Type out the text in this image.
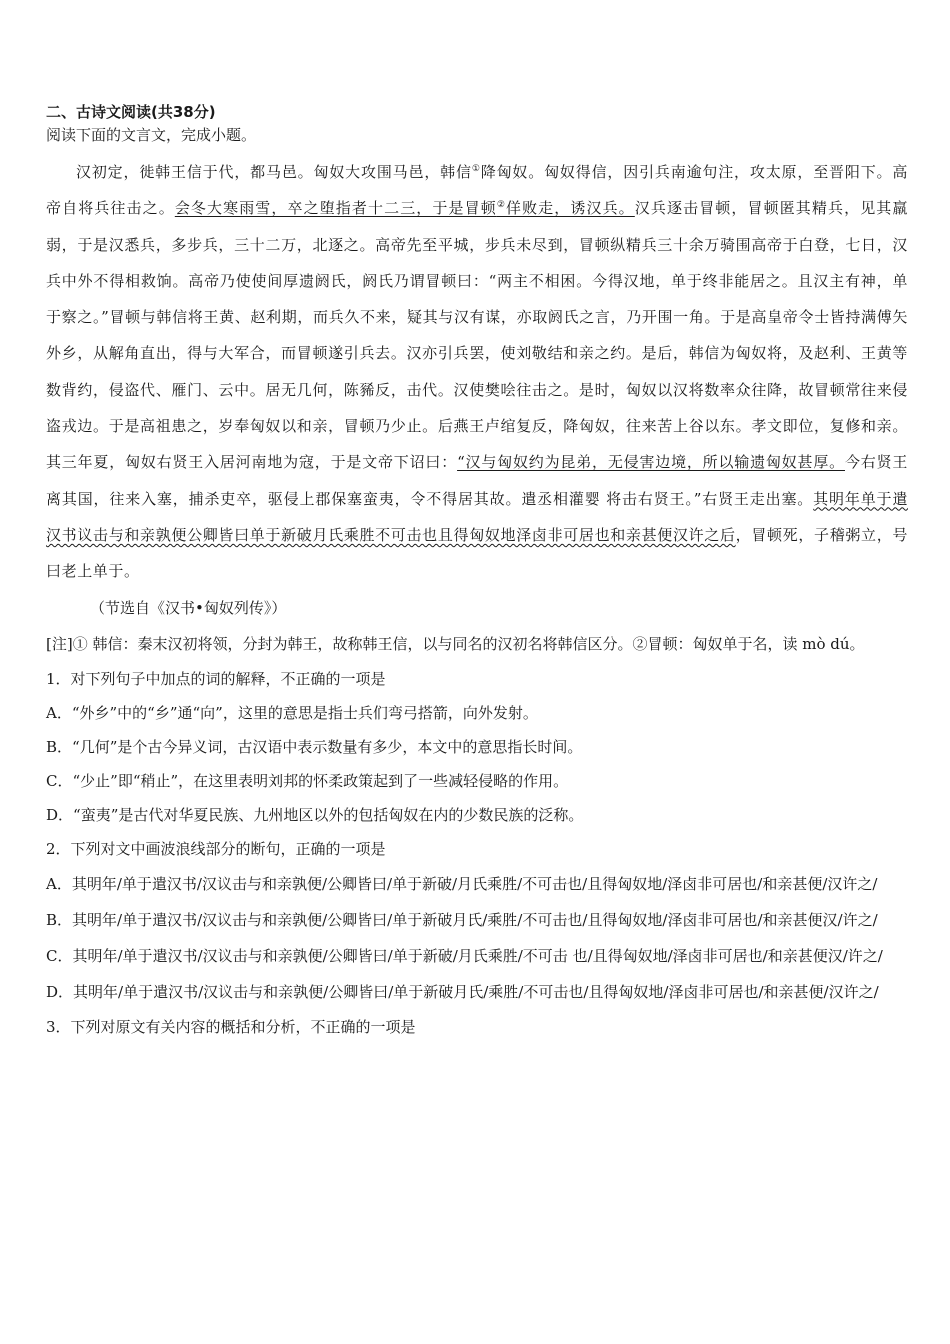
二、古诗文阅读(共38分)
阅读下面的文言文，完成小题。

汉初定，徙韩王信于代，都马邑。匈奴大攻围马邑，韩信①降匈奴。匈奴得信，因引兵南逾句注，攻太原，至晋阳下。高帝自将兵往击之。会冬大寒雨雪，卒之堕指者十二三，于是冒顿②佯败走，诱汉兵。汉兵逐击冒顿，冒顿匿其精兵，见其羸弱，于是汉悉兵，多步兵，三十二万，北逐之。高帝先至平城，步兵未尽到，冒顿纵精兵三十余万骑围高帝于白登，七日，汉兵中外不得相救饷。高帝乃使使间厚遗阏氏，阏氏乃谓冒顿曰：“两主不相困。今得汉地，单于终非能居之。且汉主有神，单于察之。”冒顿与韩信将王黄、赵利期，而兵久不来，疑其与汉有谋，亦取阏氏之言，乃开围一角。于是高皇帝令士皆持满傅矢外乡，从解角直出，得与大军合，而冒顿遂引兵去。汉亦引兵罢，使刘敬结和亲之约。是后，韩信为匈奴将，及赵利、王黄等数背约，侵盗代、雁门、云中。居无几何，陈豨反，击代。汉使樊哙往击之。是时，匈奴以汉将数率众往降，故冒顿常往来侵盗戎边。于是高祖患之，岁奉匈奴以和亲，冒顿乃少止。后燕王卢绾复反，降匈奴，往来苦上谷以东。孝文即位，复修和亲。其三年夏，匈奴右贤王入居河南地为寇，于是文帝下诏曰：“汉与匈奴约为昆弟，无侵害边境，所以输遗匈奴甚厚。今右贤王离其国，往来入塞，捕杀吏卒，驱侵上郡保塞蛮夷，令不得居其故。遣丞相灌婴 将击右贤王。”右贤王走出塞。其明年单于遣汉书议击与和亲孰便公卿皆曰单于新破月氏乘胜不可击也且得匈奴地泽卤非可居也和亲甚便汉许之后，冒顿死，子稽粥立，号曰老上单于。

（节选自《汉书•匈奴列传》）
[注]① 韩信：秦末汉初将领，分封为韩王，故称韩王信，以与同名的汉初名将韩信区分。②冒顿：匈奴单于名，读 mò dú。
1．对下列句子中加点的词的解释，不正确的一项是
A．“外乡”中的“乡”通“向”，这里的意思是指士兵们弯弓搭箭，向外发射。
B．“几何”是个古今异义词，古汉语中表示数量有多少，本文中的意思指长时间。
C．“少止”即“稍止”，在这里表明刘邦的怀柔政策起到了一些减轻侵略的作用。
D．“蛮夷”是古代对华夏民族、九州地区以外的包括匈奴在内的少数民族的泛称。
2．下列对文中画波浪线部分的断句，正确的一项是
A．其明年/单于遣汉书/汉议击与和亲孰便/公卿皆曰/单于新破/月氏乘胜/不可击也/且得匈奴地/泽卤非可居也/和亲甚便/汉许之/
B．其明年/单于遣汉书/汉议击与和亲孰便/公卿皆曰/单于新破月氏/乘胜/不可击也/且得匈奴地/泽卤非可居也/和亲甚便汉/许之/
C．其明年/单于遣汉书/汉议击与和亲孰便/公卿皆曰/单于新破/月氏乘胜/不可击 也/且得匈奴地/泽卤非可居也/和亲甚便汉/许之/
D．其明年/单于遣汉书/汉议击与和亲孰便/公卿皆曰/单于新破月氏/乘胜/不可击也/且得匈奴地/泽卤非可居也/和亲甚便/汉许之/
3．下列对原文有关内容的概括和分析，不正确的一项是
